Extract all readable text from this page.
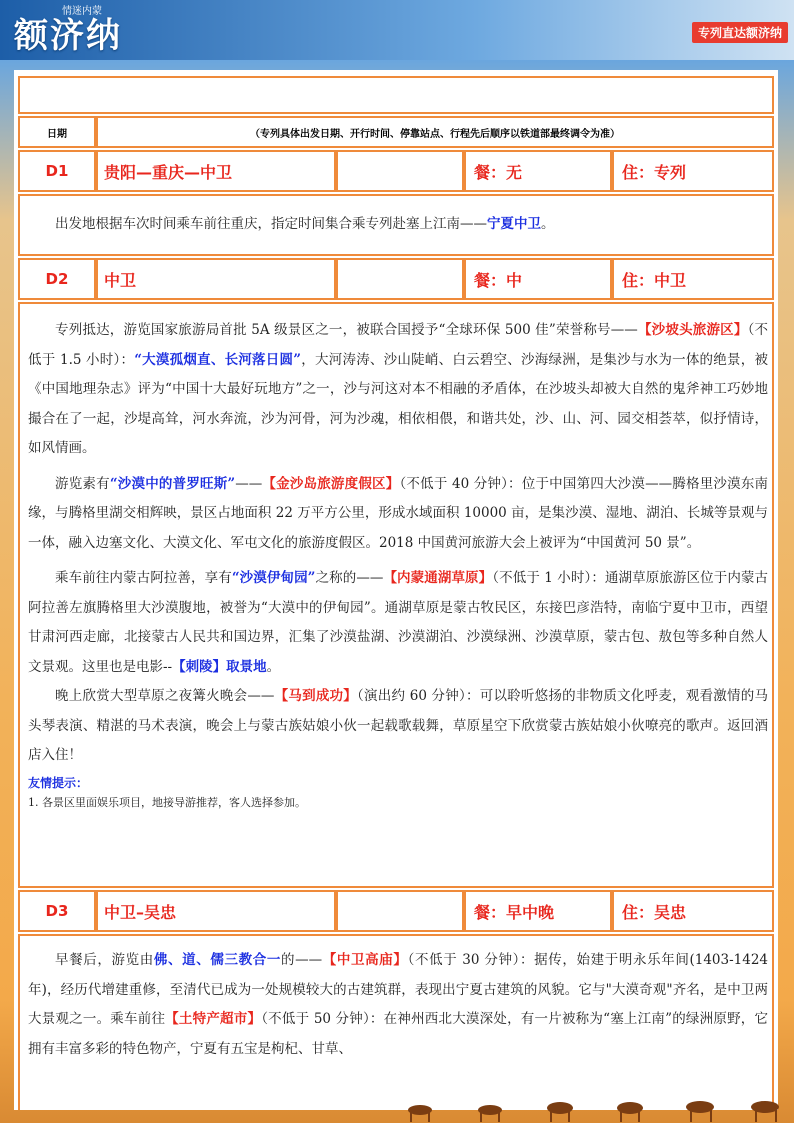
情迷内蒙
额济纳	专列直达额济纳
日期	（专列具体出发日期、开行时间、停靠站点、行程先后顺序以铁道部最终调令为准）
D1	贵阳—重庆—中卫	餐：无	住：专列

出发地根据车次时间乘车前往重庆，指定时间集合乘专列赴塞上江南——宁夏中卫。

D2	中卫	餐：中	住：中卫

专列抵达，游览国家旅游局首批 5A 级景区之一，被联合国授予“全球环保 500 佳”荣誉称号——【沙坡头旅游区】（不低于 1.5 小时）：“大漠孤烟直、长河落日圆”，大河涛涛、沙山陡峭、白云碧空、沙海绿洲，是集沙与水为一体的绝景，被《中国地理杂志》评为“中国十大最好玩地方”之一，沙与河这对本不相融的矛盾体，在沙坡头却被大自然的鬼斧神工巧妙地撮合在了一起，沙堤高耸，河水奔流，沙为河骨，河为沙魂，相依相偎，和谐共处，沙、山、河、园交相荟萃，似抒情诗，如风情画。

游览素有“沙漠中的普罗旺斯”——【金沙岛旅游度假区】（不低于 40 分钟）：位于中国第四大沙漠——腾格里沙漠东南缘，与腾格里湖交相辉映，景区占地面积 22 万平方公里，形成水域面积 10000 亩，是集沙漠、湿地、湖泊、长城等景观与一体，融入边塞文化、大漠文化、军屯文化的旅游度假区。2018 中国黄河旅游大会上被评为“中国黄河 50 景”。

乘车前往内蒙古阿拉善，享有“沙漠伊甸园”之称的——【内蒙通湖草原】（不低于 1 小时）：通湖草原旅游区位于内蒙古阿拉善左旗腾格里大沙漠腹地，被誉为“大漠中的伊甸园”。通湖草原是蒙古牧民区，东接巴彦浩特，南临宁夏中卫市，西望甘肃河西走廊，北接蒙古人民共和国边界，汇集了沙漠盐湖、沙漠湖泊、沙漠绿洲、沙漠草原，蒙古包、敖包等多种自然人文景观。这里也是电影--【刺陵】取景地。

晚上欣赏大型草原之夜篝火晚会——【马到成功】（演出约 60 分钟）：可以聆听悠扬的非物质文化呼麦，观看激情的马头琴表演、精湛的马术表演，晚会上与蒙古族姑娘小伙一起载歌载舞，草原星空下欣赏蒙古族姑娘小伙嘹亮的歌声。返回酒店入住！

友情提示：
1. 各景区里面娱乐项目，地接导游推荐，客人选择参加。
D3	中卫–吴忠	餐：早中晚	住：吴忠

早餐后，游览由佛、道、儒三教合一的——【中卫高庙】（不低于 30 分钟）：据传，始建于明永乐年间(1403-1424 年)，经历代增建重修，至清代已成为一处规模较大的古建筑群，表现出宁夏古建筑的风貌。它与"大漠奇观"齐名，是中卫两大景观之一。乘车前往【土特产超市】（不低于 50 分钟）：在神州西北大漠深处，有一片被称为“塞上江南”的绿洲原野，它拥有丰富多彩的特色物产，宁夏有五宝是枸杞、甘草、
